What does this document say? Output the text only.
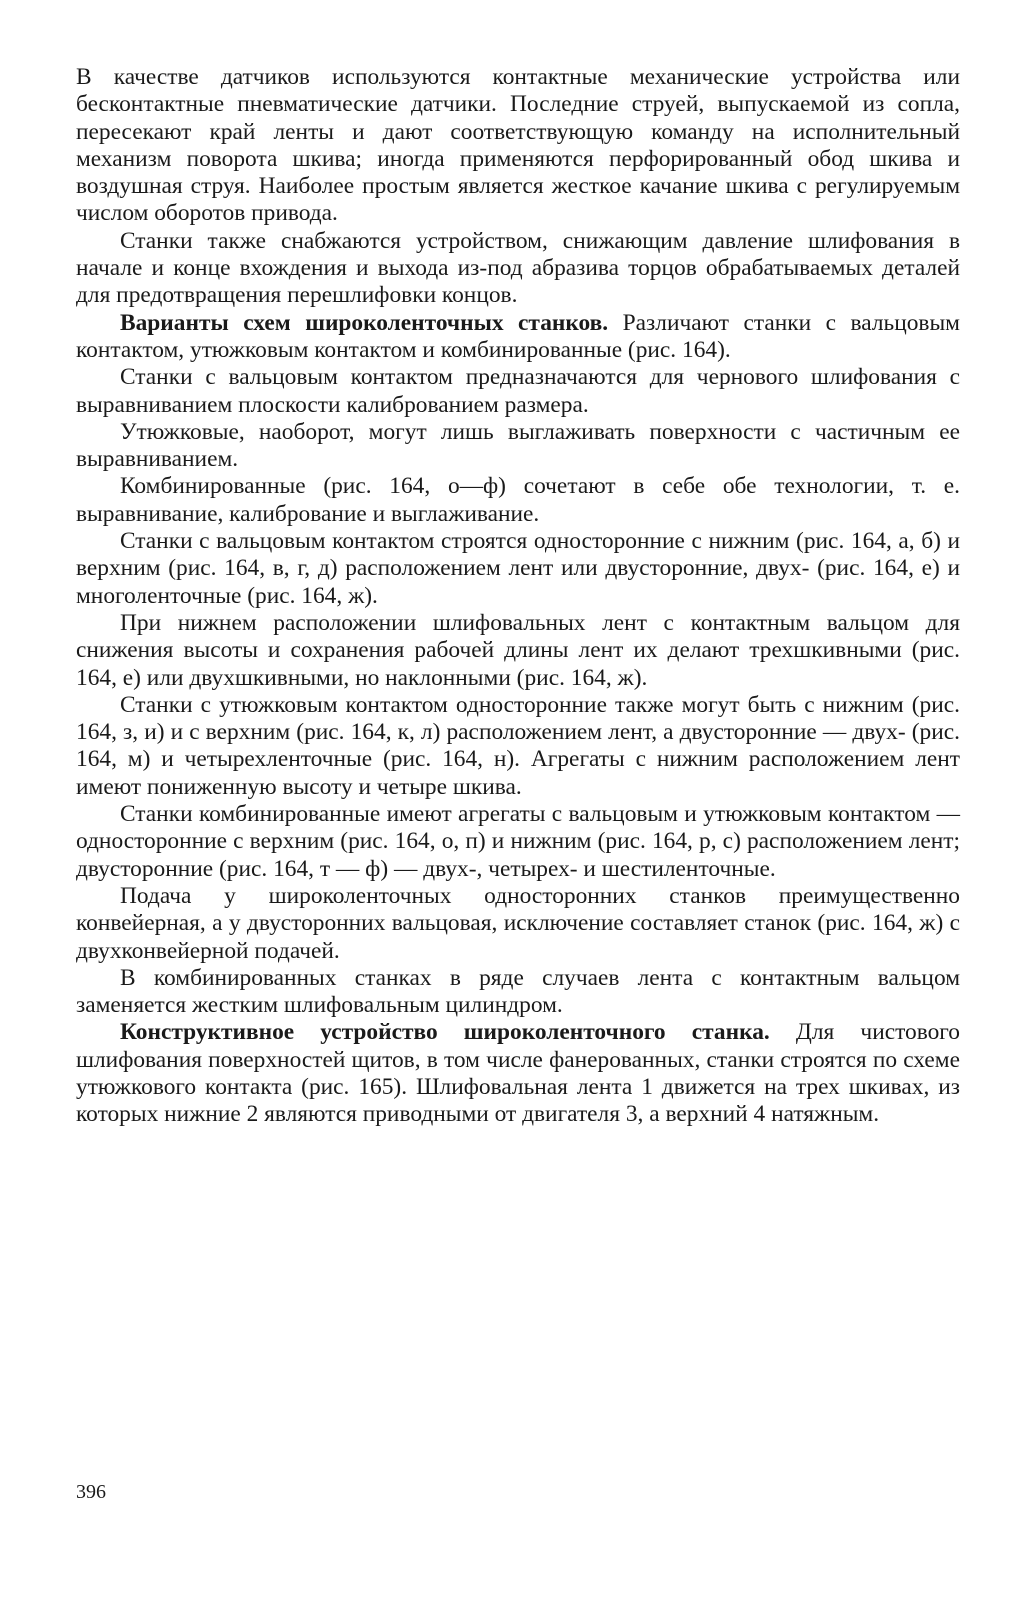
В качестве датчиков используются контактные механические устройства или бесконтактные пневматические датчики. Последние струей, выпускаемой из сопла, пересекают край ленты и дают соответствующую команду на исполнительный механизм поворота шкива; иногда применяются перфорированный обод шкива и воздушная струя. Наиболее простым является жесткое качание шкива с регулируемым числом оборотов привода.

Станки также снабжаются устройством, снижающим давление шлифования в начале и конце вхождения и выхода из-под абразива торцов обрабатываемых деталей для предотвращения перешлифовки концов.

Варианты схем широколенточных станков. Различают станки с вальцовым контактом, утюжковым контактом и комбинированные (рис. 164).

Станки с вальцовым контактом предназначаются для чернового шлифования с выравниванием плоскости калиброванием размера.

Утюжковые, наоборот, могут лишь выглаживать поверхности с частичным ее выравниванием.

Комбинированные (рис. 164, о—ф) сочетают в себе обе технологии, т. е. выравнивание, калибрование и выглаживание.

Станки с вальцовым контактом строятся односторонние с нижним (рис. 164, а, б) и верхним (рис. 164, в, г, д) расположением лент или двусторонние, двух- (рис. 164, е) и многоленточные (рис. 164, ж).

При нижнем расположении шлифовальных лент с контактным вальцом для снижения высоты и сохранения рабочей длины лент их делают трехшкивными (рис. 164, е) или двухшкивными, но наклонными (рис. 164, ж).

Станки с утюжковым контактом односторонние также могут быть с нижним (рис. 164, з, и) и с верхним (рис. 164, к, л) расположением лент, а двусторонние — двух- (рис. 164, м) и четырехленточные (рис. 164, н). Агрегаты с нижним расположением лент имеют пониженную высоту и четыре шкива.

Станки комбинированные имеют агрегаты с вальцовым и утюжковым контактом — односторонние с верхним (рис. 164, о, п) и нижним (рис. 164, р, с) расположением лент; двусторонние (рис. 164, т — ф) — двух-, четырех- и шестиленточные.

Подача у широколенточных односторонних станков преимущественно конвейерная, а у двусторонних вальцовая, исключение составляет станок (рис. 164, ж) с двухконвейерной подачей.

В комбинированных станках в ряде случаев лента с контактным вальцом заменяется жестким шлифовальным цилиндром.

Конструктивное устройство широколенточного станка. Для чистового шлифования поверхностей щитов, в том числе фанерованных, станки строятся по схеме утюжкового контакта (рис. 165). Шлифовальная лента 1 движется на трех шкивах, из которых нижние 2 являются приводными от двигателя 3, а верхний 4 натяжным.

396
